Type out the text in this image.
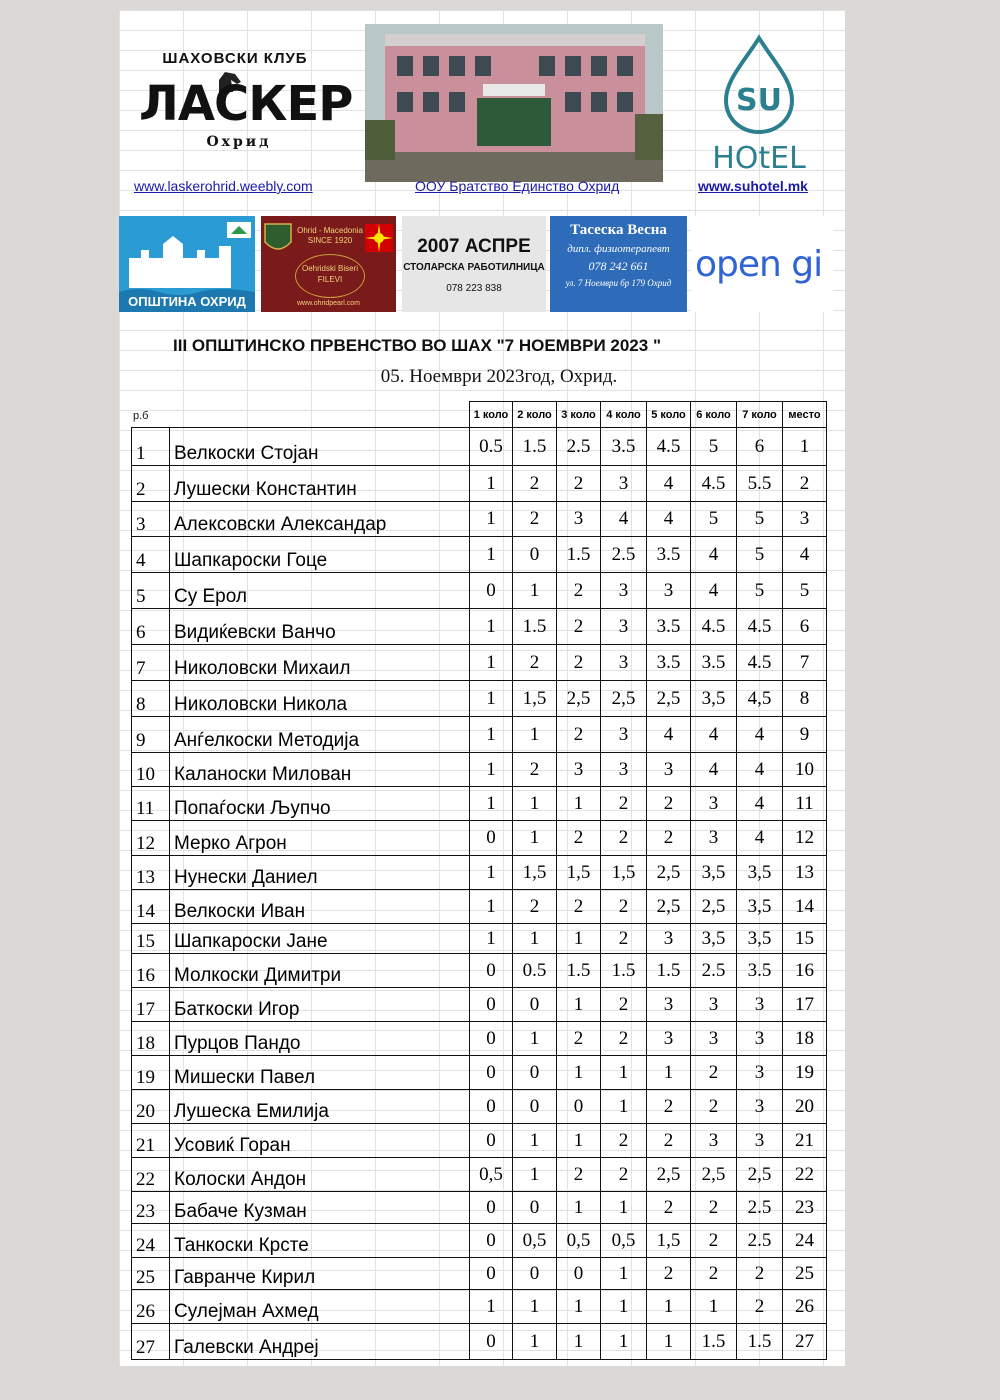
ШАХОВСКИ КЛУБ
ЛАСКЕР
Охрид
SU
HOtEL
www.laskerohrid.weebly.com	ООУ Братство Единство Охрид	www.suhotel.mk
ОПШТИНА ОХРИД
Ohrid - Macedonia
SINCE 1920
Oehridski Biseri
FILEVI
www.ohridpearl.com
2007 АСПРЕ
СТОЛАРСКА РАБОТИЛНИЦА
078 223 838
Тасеска Весна
дипл. физиотерапевт
078 242 661
ул. 7 Ноември бр 179 Охрид open gi
III ОПШТИНСКО ПРВЕНСТВО ВО ШАХ "7 НОЕМВРИ 2023 "
05. Ноември 2023год, Охрид.
р.б
			1 коло	2 коло	3 коло	4 коло	5 коло	6 коло	7 коло	место
1	Велкоски Стојан	0.5	1.5	2.5	3.5	4.5	5	6	1
2	Лушески Константин	1	2	2	3	4	4.5	5.5	2
3	Алексовски Александар	1	2	3	4	4	5	5	3
4	Шапкароски Гоце	1	0	1.5	2.5	3.5	4	5	4
5	Су Ерол	0	1	2	3	3	4	5	5
6	Видиќевски Ванчо	1	1.5	2	3	3.5	4.5	4.5	6
7	Николовски Михаил	1	2	2	3	3.5	3.5	4.5	7
8	Николовски Никола	1	1,5	2,5	2,5	2,5	3,5	4,5	8
9	Анѓелкоски Методија	1	1	2	3	4	4	4	9
10	Каланоски Милован	1	2	3	3	3	4	4	10
11	Попаѓоски Љупчо	1	1	1	2	2	3	4	11
12	Мерко Агрон	0	1	2	2	2	3	4	12
13	Нунески Даниел	1	1,5	1,5	1,5	2,5	3,5	3,5	13
14	Велкоски Иван	1	2	2	2	2,5	2,5	3,5	14
15	Шапкароски Јане	1	1	1	2	3	3,5	3,5	15
16	Молкоски Димитри	0	0.5	1.5	1.5	1.5	2.5	3.5	16
17	Баткоски Игор	0	0	1	2	3	3	3	17
18	Пурцов Пандо	0	1	2	2	3	3	3	18
19	Мишески Павел	0	0	1	1	1	2	3	19
20	Лушеска Емилија	0	0	0	1	2	2	3	20
21	Усовиќ Горан	0	1	1	2	2	3	3	21
22	Колоски Андон	0,5	1	2	2	2,5	2,5	2,5	22
23	Бабаче Кузман	0	0	1	1	2	2	2.5	23
24	Танкоски Крсте	0	0,5	0,5	0,5	1,5	2	2.5	24
25	Гавранче Кирил	0	0	0	1	2	2	2	25
26	Сулејман Ахмед	1	1	1	1	1	1	2	26
27	Галевски Андреј	0	1	1	1	1	1.5	1.5	27
